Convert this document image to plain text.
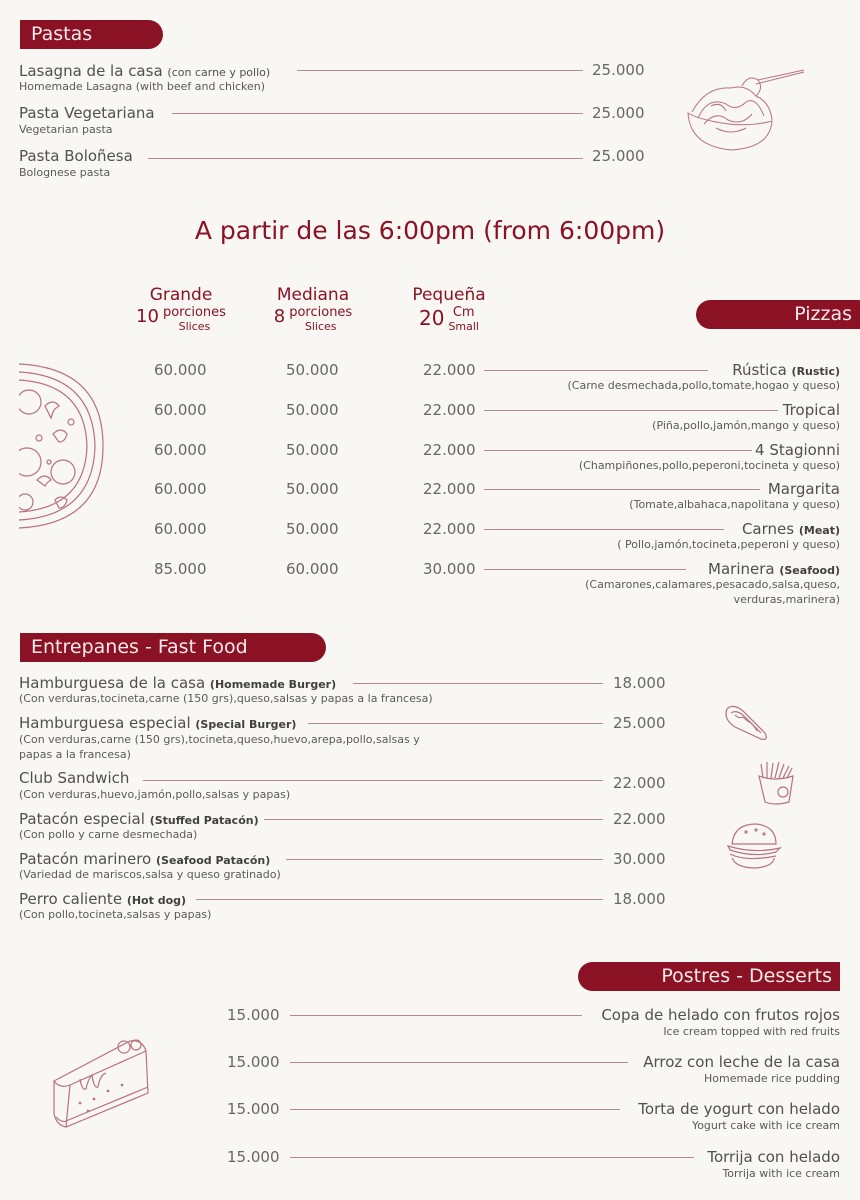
Pastas
Lasagna de la casa (con carne y pollo)	25.000
Homemade Lasagna (with beef and chicken)
Pasta Vegetariana	25.000
Vegetarian pasta
Pasta Boloñesa	25.000
Bolognese pasta
A partir de las 6:00pm (from 6:00pm)
Grande
10 porciones
Slices
Mediana
8 porciones
Slices
Pequeña
20 Cm
Small
Pizzas
60.000	50.000	22.000	Rústica (Rustic)
(Carne desmechada,pollo,tomate,hogao y queso)
60.000	50.000	22.000	Tropical
(Piña,pollo,jamón,mango y queso)
60.000	50.000	22.000	4 Stagionni
(Champiñones,pollo,peperoni,tocineta y queso)
60.000	50.000	22.000	Margarita
(Tomate,albahaca,napolitana y queso)
60.000	50.000	22.000	Carnes (Meat)
( Pollo,jamón,tocineta,peperoni y queso)
85.000	60.000	30.000	Marinera (Seafood)
(Camarones,calamares,pesacado,salsa,queso,
verduras,marinera)
Entrepanes - Fast Food
Hamburguesa de la casa (Homemade Burger)	18.000
(Con verduras,tocineta,carne (150 grs),queso,salsas y papas a la francesa)
Hamburguesa especial (Special Burger)	25.000
(Con verduras,carne (150 grs),tocineta,queso,huevo,arepa,pollo,salsas y
papas a la francesa)
Club Sandwich	22.000
(Con verduras,huevo,jamón,pollo,salsas y papas)
Patacón especial (Stuffed Patacón)	22.000
(Con pollo y carne desmechada)
Patacón marinero (Seafood Patacón)	30.000
(Variedad de mariscos,salsa y queso gratinado)
Perro caliente (Hot dog)	18.000
(Con pollo,tocineta,salsas y papas)
Postres - Desserts
15.000	Copa de helado con frutos rojos
Ice cream topped with red fruits
15.000	Arroz con leche de la casa
Homemade rice pudding
15.000	Torta de yogurt con helado
Yogurt cake with ice cream
15.000	Torrija con helado
Torrija with ice cream
